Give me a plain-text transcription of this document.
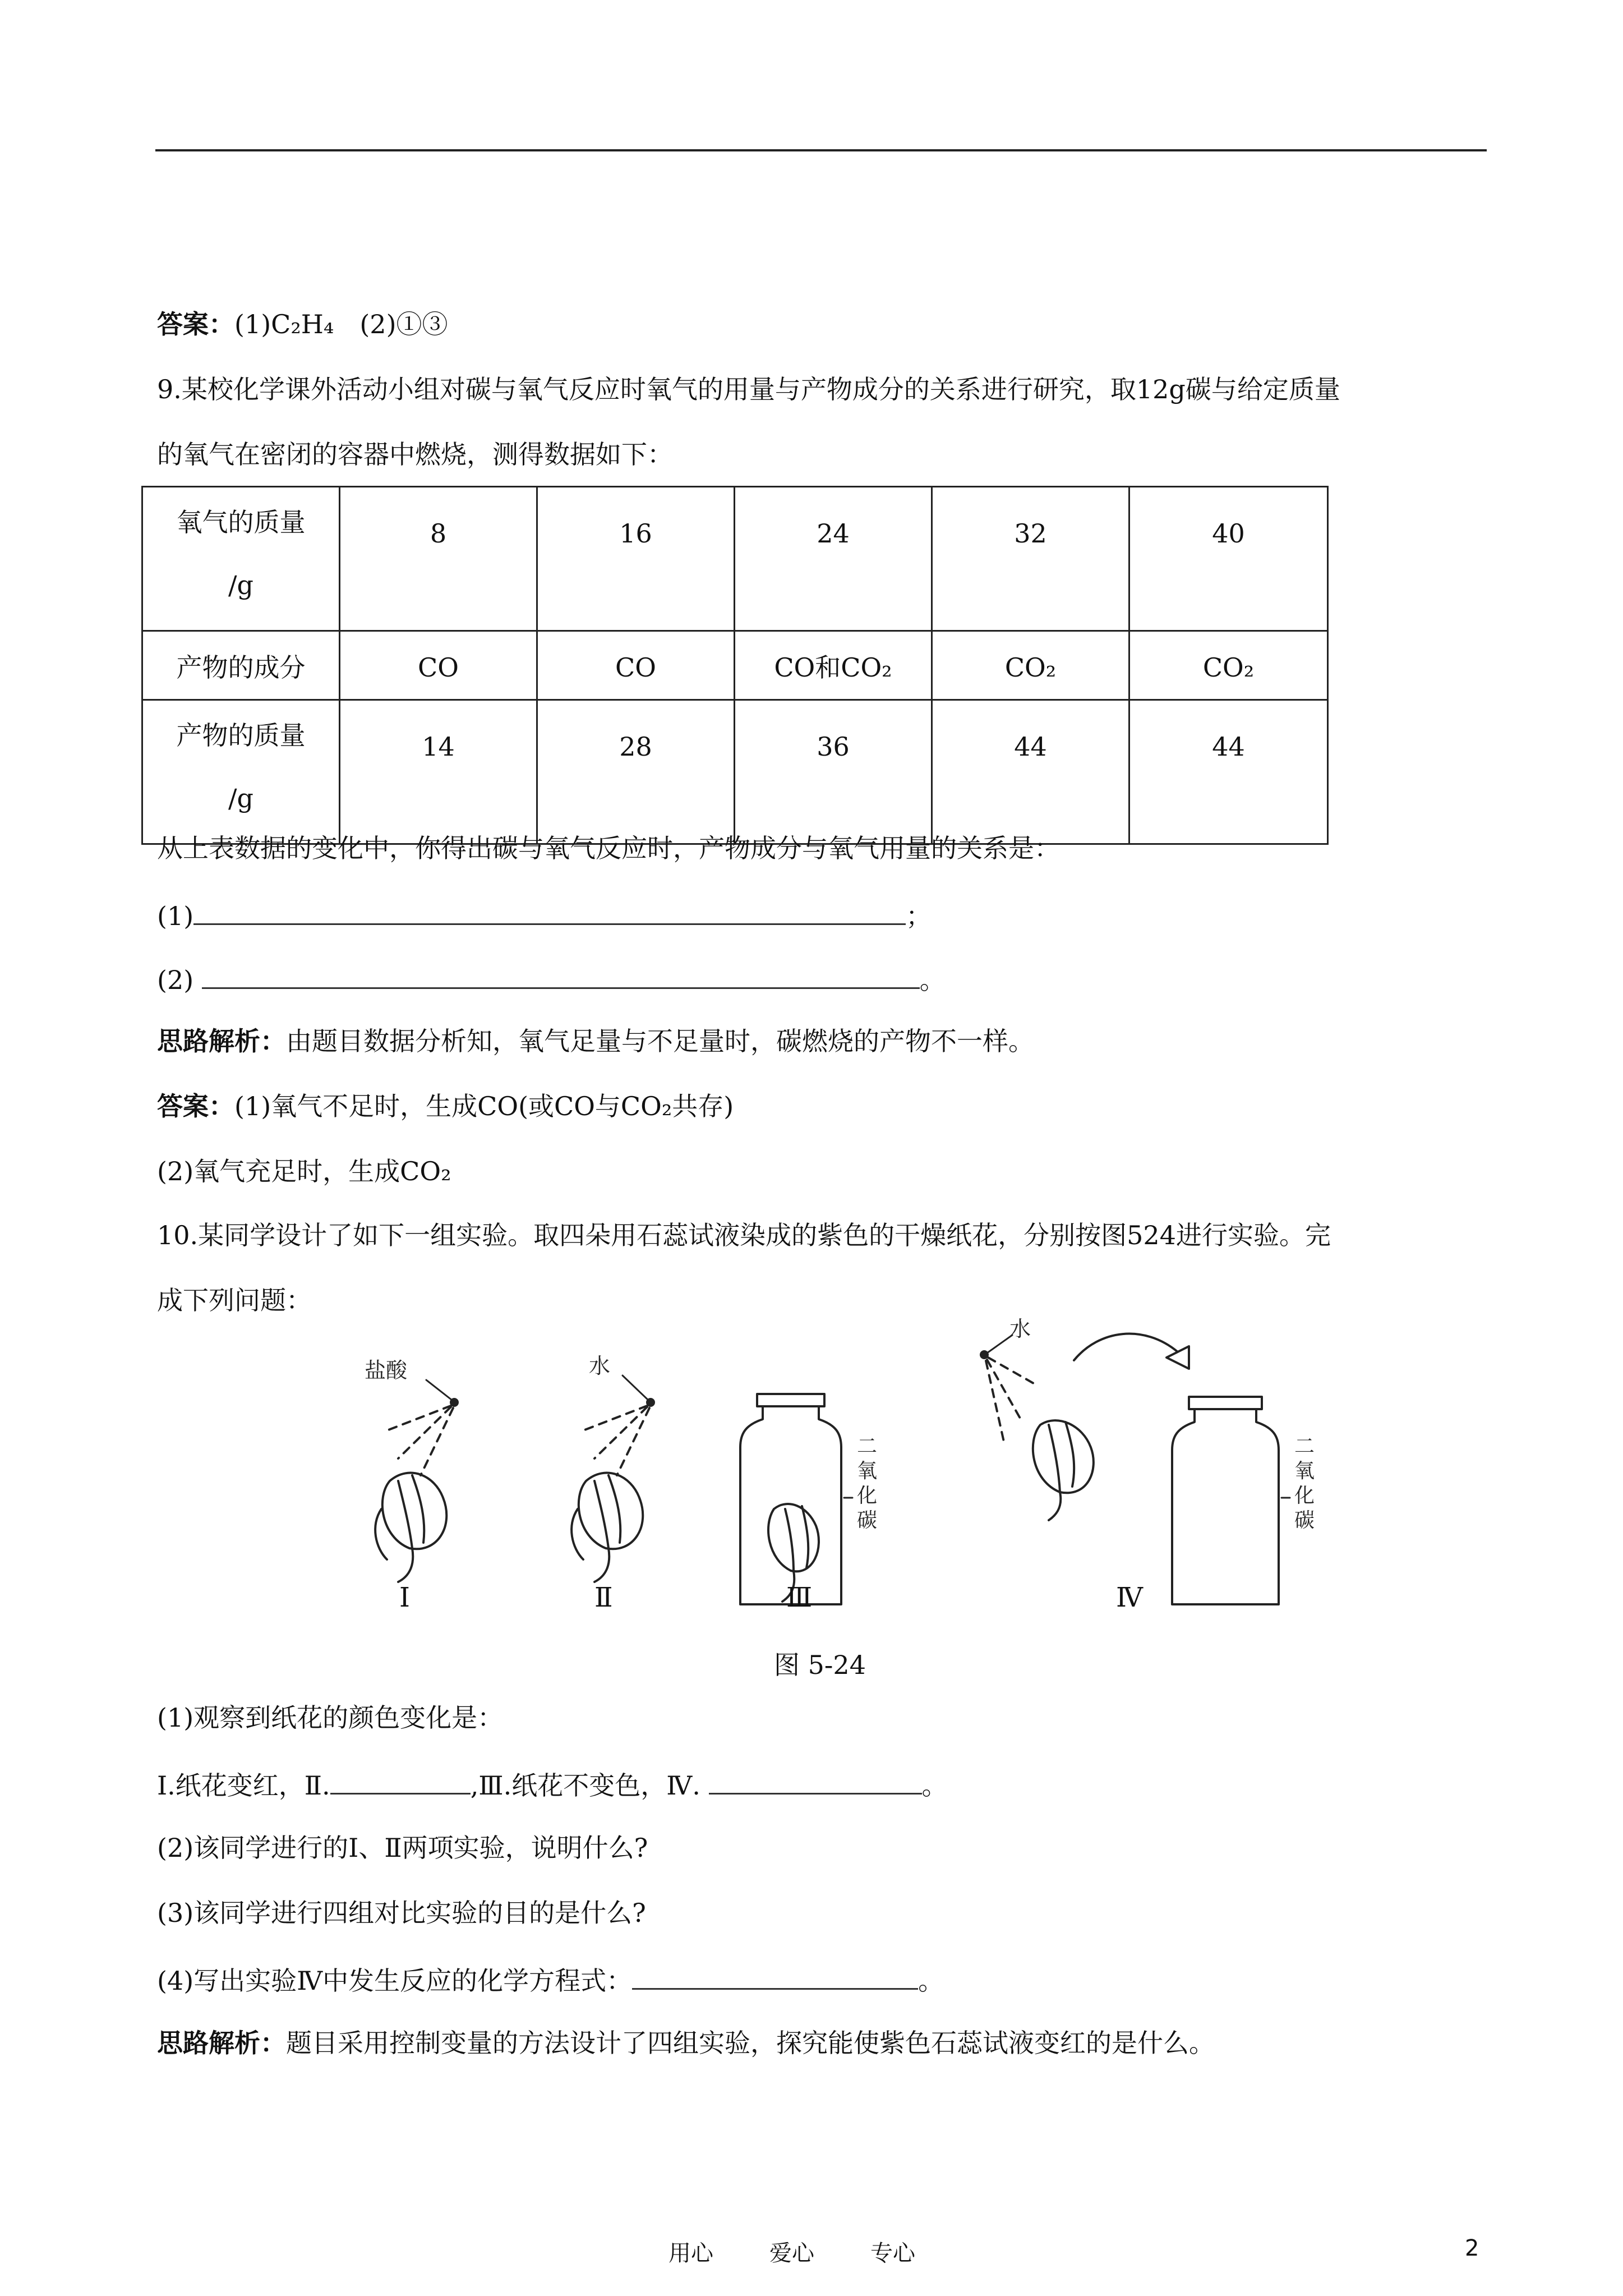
答案：(1)C₂H₄　(2)①③
9.某校化学课外活动小组对碳与氧气反应时氧气的用量与产物成分的关系进行研究，取12g碳与给定质量
的氧气在密闭的容器中燃烧，测得数据如下：
氧气的质量
/g	8	16	24	32	40
产物的成分	CO	CO	CO和CO₂	CO₂	CO₂
产物的质量
/g	14	28	36	44	44
从上表数据的变化中，你得出碳与氧气反应时，产物成分与氧气用量的关系是：
(1)	；
(2)	。
思路解析：由题目数据分析知，氧气足量与不足量时，碳燃烧的产物不一样。
答案：(1)氧气不足时，生成CO(或CO与CO₂共存)
(2)氧气充足时，生成CO₂
10.某同学设计了如下一组实验。取四朵用石蕊试液染成的紫色的干燥纸花，分别按图524进行实验。完
成下列问题：
盐酸	水
水
二氧化碳
二氧化碳
Ⅰ	Ⅱ	Ⅲ	Ⅳ
图 5-24
(1)观察到纸花的颜色变化是：
Ⅰ.纸花变红，Ⅱ.	,Ⅲ.纸花不变色，Ⅳ.	。
(2)该同学进行的Ⅰ、Ⅱ两项实验，说明什么?
(3)该同学进行四组对比实验的目的是什么?
(4)写出实验Ⅳ中发生反应的化学方程式：	。
思路解析：题目采用控制变量的方法设计了四组实验，探究能使紫色石蕊试液变红的是什么。
用心	爱心	专心	2
